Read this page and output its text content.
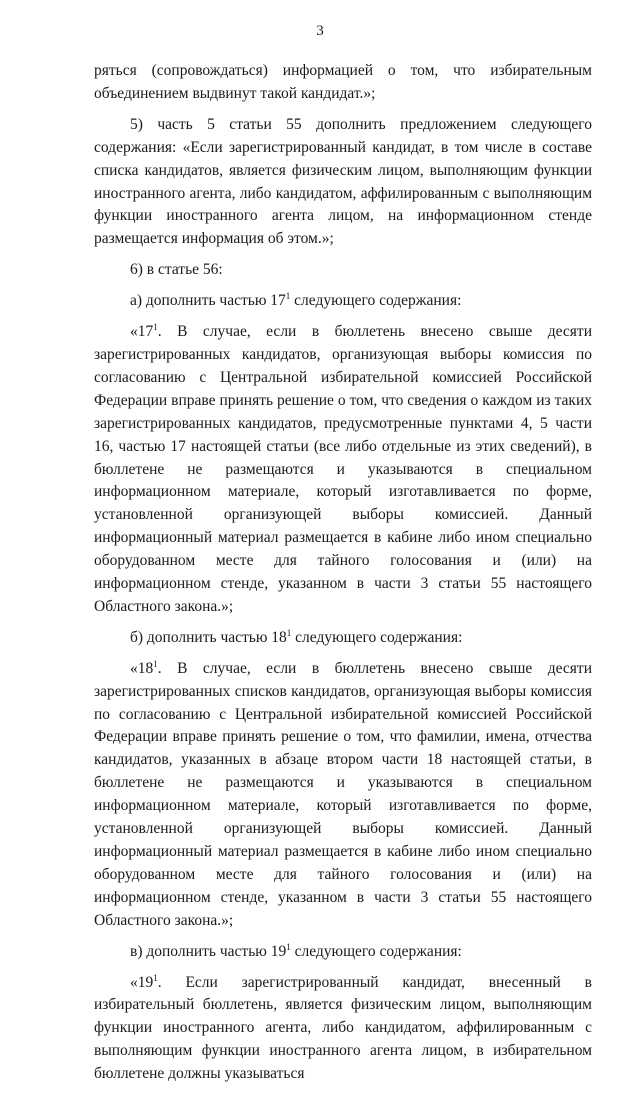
3

ряться (сопровождаться) информацией о том, что избирательным объединением выдвинут такой кандидат.»;

5) часть 5 статьи 55 дополнить предложением следующего содержания: «Если зарегистрированный кандидат, в том числе в составе списка кандидатов, является физическим лицом, выполняющим функции иностранного агента, либо кандидатом, аффилированным с выполняющим функции иностранного агента лицом, на информационном стенде размещается информация об этом.»;

6) в статье 56:

а) дополнить частью $17^1$ следующего содержания:

«$17^1$. В случае, если в бюллетень внесено свыше десяти зарегистрированных кандидатов, организующая выборы комиссия по согласованию с Центральной избирательной комиссией Российской Федерации вправе принять решение о том, что сведения о каждом из таких зарегистрированных кандидатов, предусмотренные пунктами 4, 5 части 16, частью 17 настоящей статьи (все либо отдельные из этих сведений), в бюллетене не размещаются и указываются в специальном информационном материале, который изготавливается по форме, установленной организующей выборы комиссией. Данный информационный материал размещается в кабине либо ином специально оборудованном месте для тайного голосования и (или) на информационном стенде, указанном в части 3 статьи 55 настоящего Областного закона.»;

б) дополнить частью $18^1$ следующего содержания:

«$18^1$. В случае, если в бюллетень внесено свыше десяти зарегистрированных списков кандидатов, организующая выборы комиссия по согласованию с Центральной избирательной комиссией Российской Федерации вправе принять решение о том, что фамилии, имена, отчества кандидатов, указанных в абзаце втором части 18 настоящей статьи, в бюллетене не размещаются и указываются в специальном информационном материале, который изготавливается по форме, установленной организующей выборы комиссией. Данный информационный материал размещается в кабине либо ином специально оборудованном месте для тайного голосования и (или) на информационном стенде, указанном в части 3 статьи 55 настоящего Областного закона.»;

в) дополнить частью $19^1$ следующего содержания:

«$19^1$. Если зарегистрированный кандидат, внесенный в избирательный бюллетень, является физическим лицом, выполняющим функции иностранного агента, либо кандидатом, аффилированным с выполняющим функции иностранного агента лицом, в избирательном бюллетене должны указываться
